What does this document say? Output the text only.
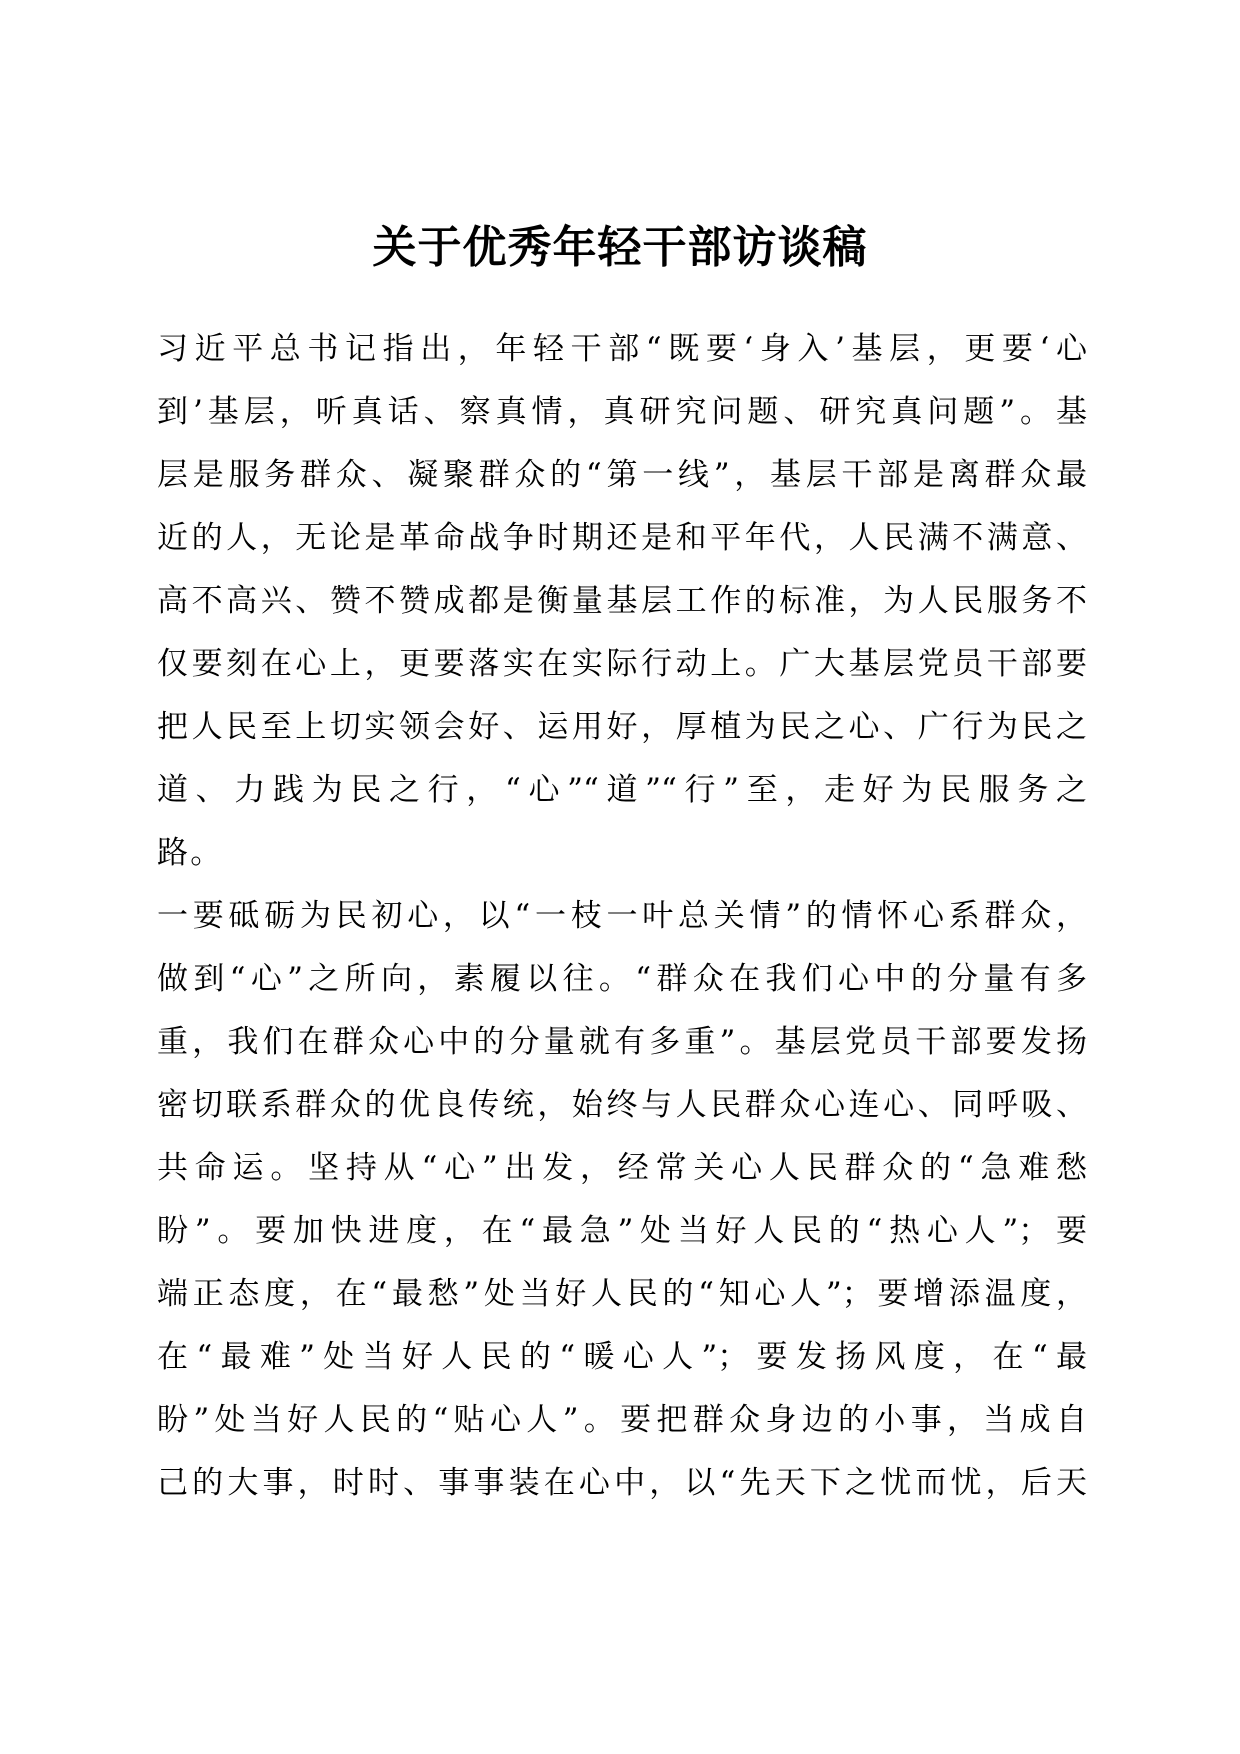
关于优秀年轻干部访谈稿
习近平总书记指出，年轻干部“既要‘身入’基层，更要‘心
到’基层，听真话、察真情，真研究问题、研究真问题”。基
层是服务群众、凝聚群众的“第一线”，基层干部是离群众最
近的人，无论是革命战争时期还是和平年代，人民满不满意、
高不高兴、赞不赞成都是衡量基层工作的标准，为人民服务不
仅要刻在心上，更要落实在实际行动上。广大基层党员干部要
把人民至上切实领会好、运用好，厚植为民之心、广行为民之
道、力践为民之行，“心”“道”“行”至，走好为民服务之
路。
一要砥砺为民初心，以“一枝一叶总关情”的情怀心系群众，
做到“心”之所向，素履以往。“群众在我们心中的分量有多
重，我们在群众心中的分量就有多重”。基层党员干部要发扬
密切联系群众的优良传统，始终与人民群众心连心、同呼吸、
共命运。坚持从“心”出发，经常关心人民群众的“急难愁
盼”。要加快进度，在“最急”处当好人民的“热心人”；要
端正态度，在“最愁”处当好人民的“知心人”；要增添温度，
在“最难”处当好人民的“暖心人”；要发扬风度，在“最
盼”处当好人民的“贴心人”。要把群众身边的小事，当成自
己的大事，时时、事事装在心中，以“先天下之忧而忧，后天
